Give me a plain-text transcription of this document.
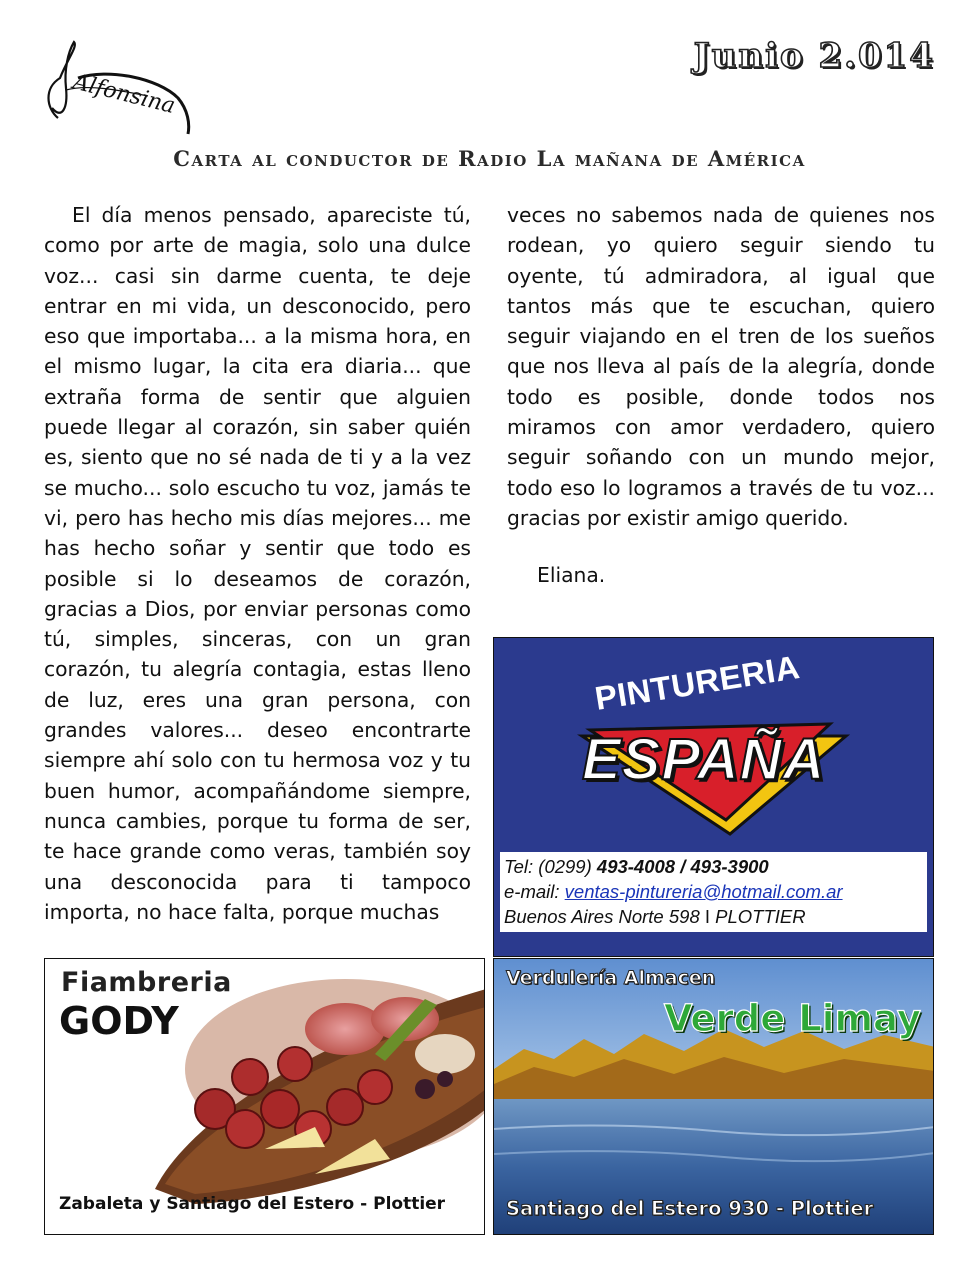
Alfonsina
Junio 2.014
Carta al conductor de Radio La mañana de América
El día menos pensado, apareciste tú, como por arte de magia, solo una dulce voz... casi sin darme cuenta, te deje entrar en mi vida, un desconocido, pero eso que importaba... a la misma hora, en el mismo lugar, la cita era diaria... que extraña forma de sentir que alguien puede llegar al corazón, sin saber quién es, siento que no sé nada de ti y a la vez se mucho... solo escucho tu voz, jamás te vi, pero has hecho mis días mejores... me has hecho soñar y sentir que todo es posible si lo deseamos de corazón, gracias a Dios, por enviar personas como tú, simples, sinceras, con un gran corazón, tu alegría contagia, estas lleno de luz, eres una gran persona, con grandes valores... deseo encontrarte siempre ahí solo con tu hermosa voz y tu buen humor, acompañándome siempre, nunca cambies, porque tu forma de ser, te hace grande como veras, también soy una desconocida para ti tampoco importa, no hace falta, porque muchas
veces no sabemos nada de quienes nos rodean, yo quiero seguir siendo tu oyente, tú admiradora, al igual que tantos más que te escuchan, quiero seguir viajando en el tren de los sueños que nos lleva al país de la alegría, donde todo es posible, donde todos nos miramos con amor verdadero, quiero seguir soñando con un mundo mejor, todo eso lo logramos a través de tu voz... gracias por existir amigo querido.
Eliana.
PINTURERIA
ESPAÑA
Tel: (0299) 493-4008 / 493-3900
e-mail: ventas-pintureria@hotmail.com.ar
Buenos Aires Norte 598 I PLOTTIER
Fiambreria
GODY
Zabaleta y Santiago del Estero - Plottier
Verdulería Almacen
Verde Limay
Santiago del Estero 930 - Plottier
